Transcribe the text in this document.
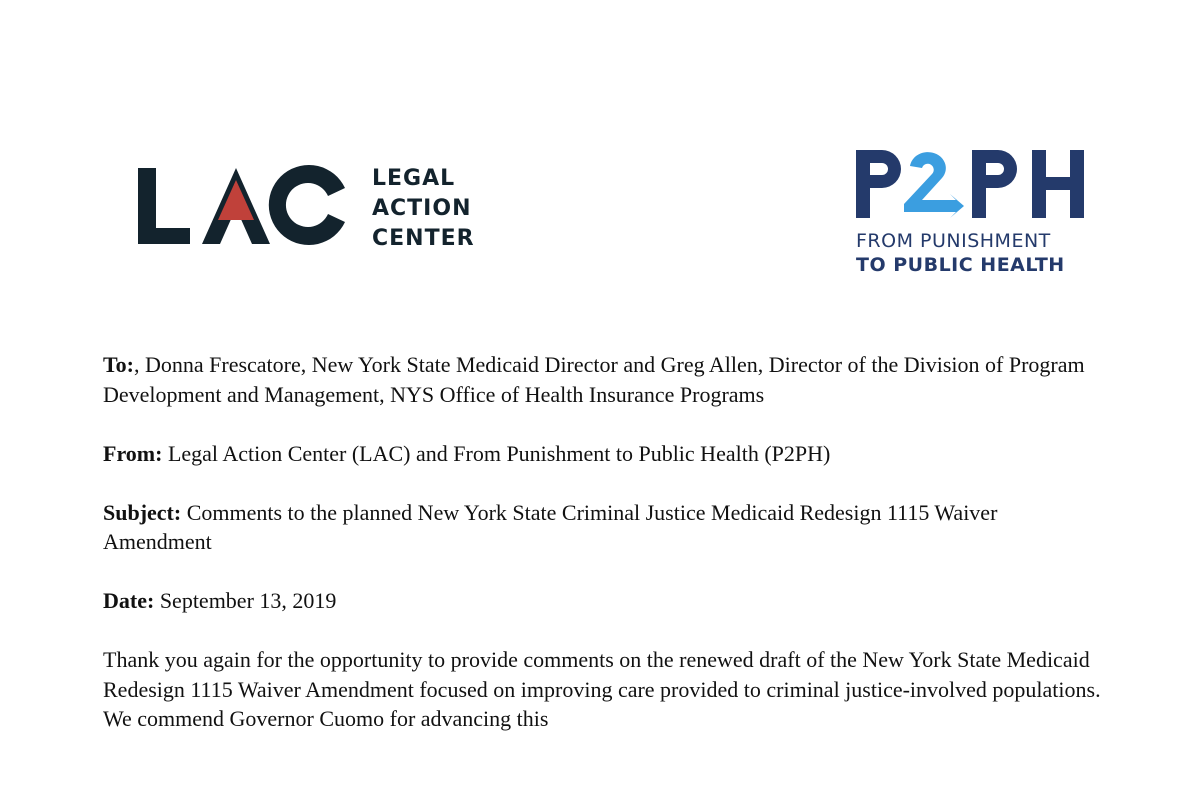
LEGAL
ACTION
CENTER	FROM PUNISHMENT
TO PUBLIC HEALTH

To:, Donna Frescatore, New York State Medicaid Director and Greg Allen, Director of the Division of Program Development and Management, NYS Office of Health Insurance Programs

From: Legal Action Center (LAC) and From Punishment to Public Health (P2PH)

Subject: Comments to the planned New York State Criminal Justice Medicaid Redesign 1115 Waiver Amendment

Date: September 13, 2019

Thank you again for the opportunity to provide comments on the renewed draft of the New York State Medicaid Redesign 1115 Waiver Amendment focused on improving care provided to criminal justice-involved populations. We commend Governor Cuomo for advancing this
